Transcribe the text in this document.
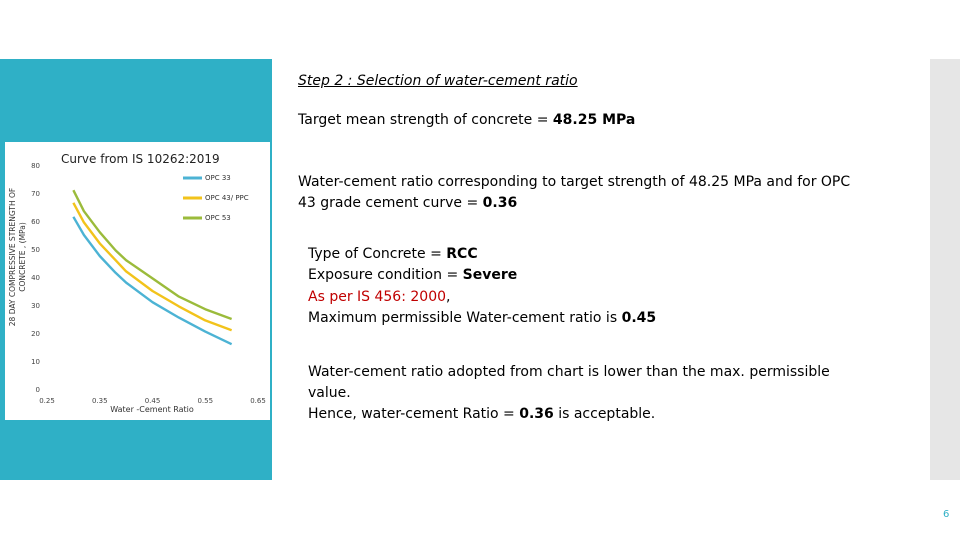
Curve from IS 10262:2019
28 DAY COMPRESSIVE STRENGTH OF CONCRETE , (MPa)
Water -Cement Ratio
0
10
20
30
40
50
60
70
80
0.25	0.35	0.45	0.55	0.65
OPC 33
OPC 43/ PPC
OPC 53
Step 2 : Selection of water-cement ratio
Target mean strength of concrete = 48.25 MPa
Water-cement ratio corresponding to target strength of 48.25 MPa and for OPC
43 grade cement curve = 0.36
Type of Concrete = RCC
Exposure condition = Severe
As per IS 456: 2000,
Maximum permissible Water-cement ratio is 0.45
Water-cement ratio adopted from chart is lower than the max. permissible
value.
Hence, water-cement Ratio = 0.36 is acceptable.
6
